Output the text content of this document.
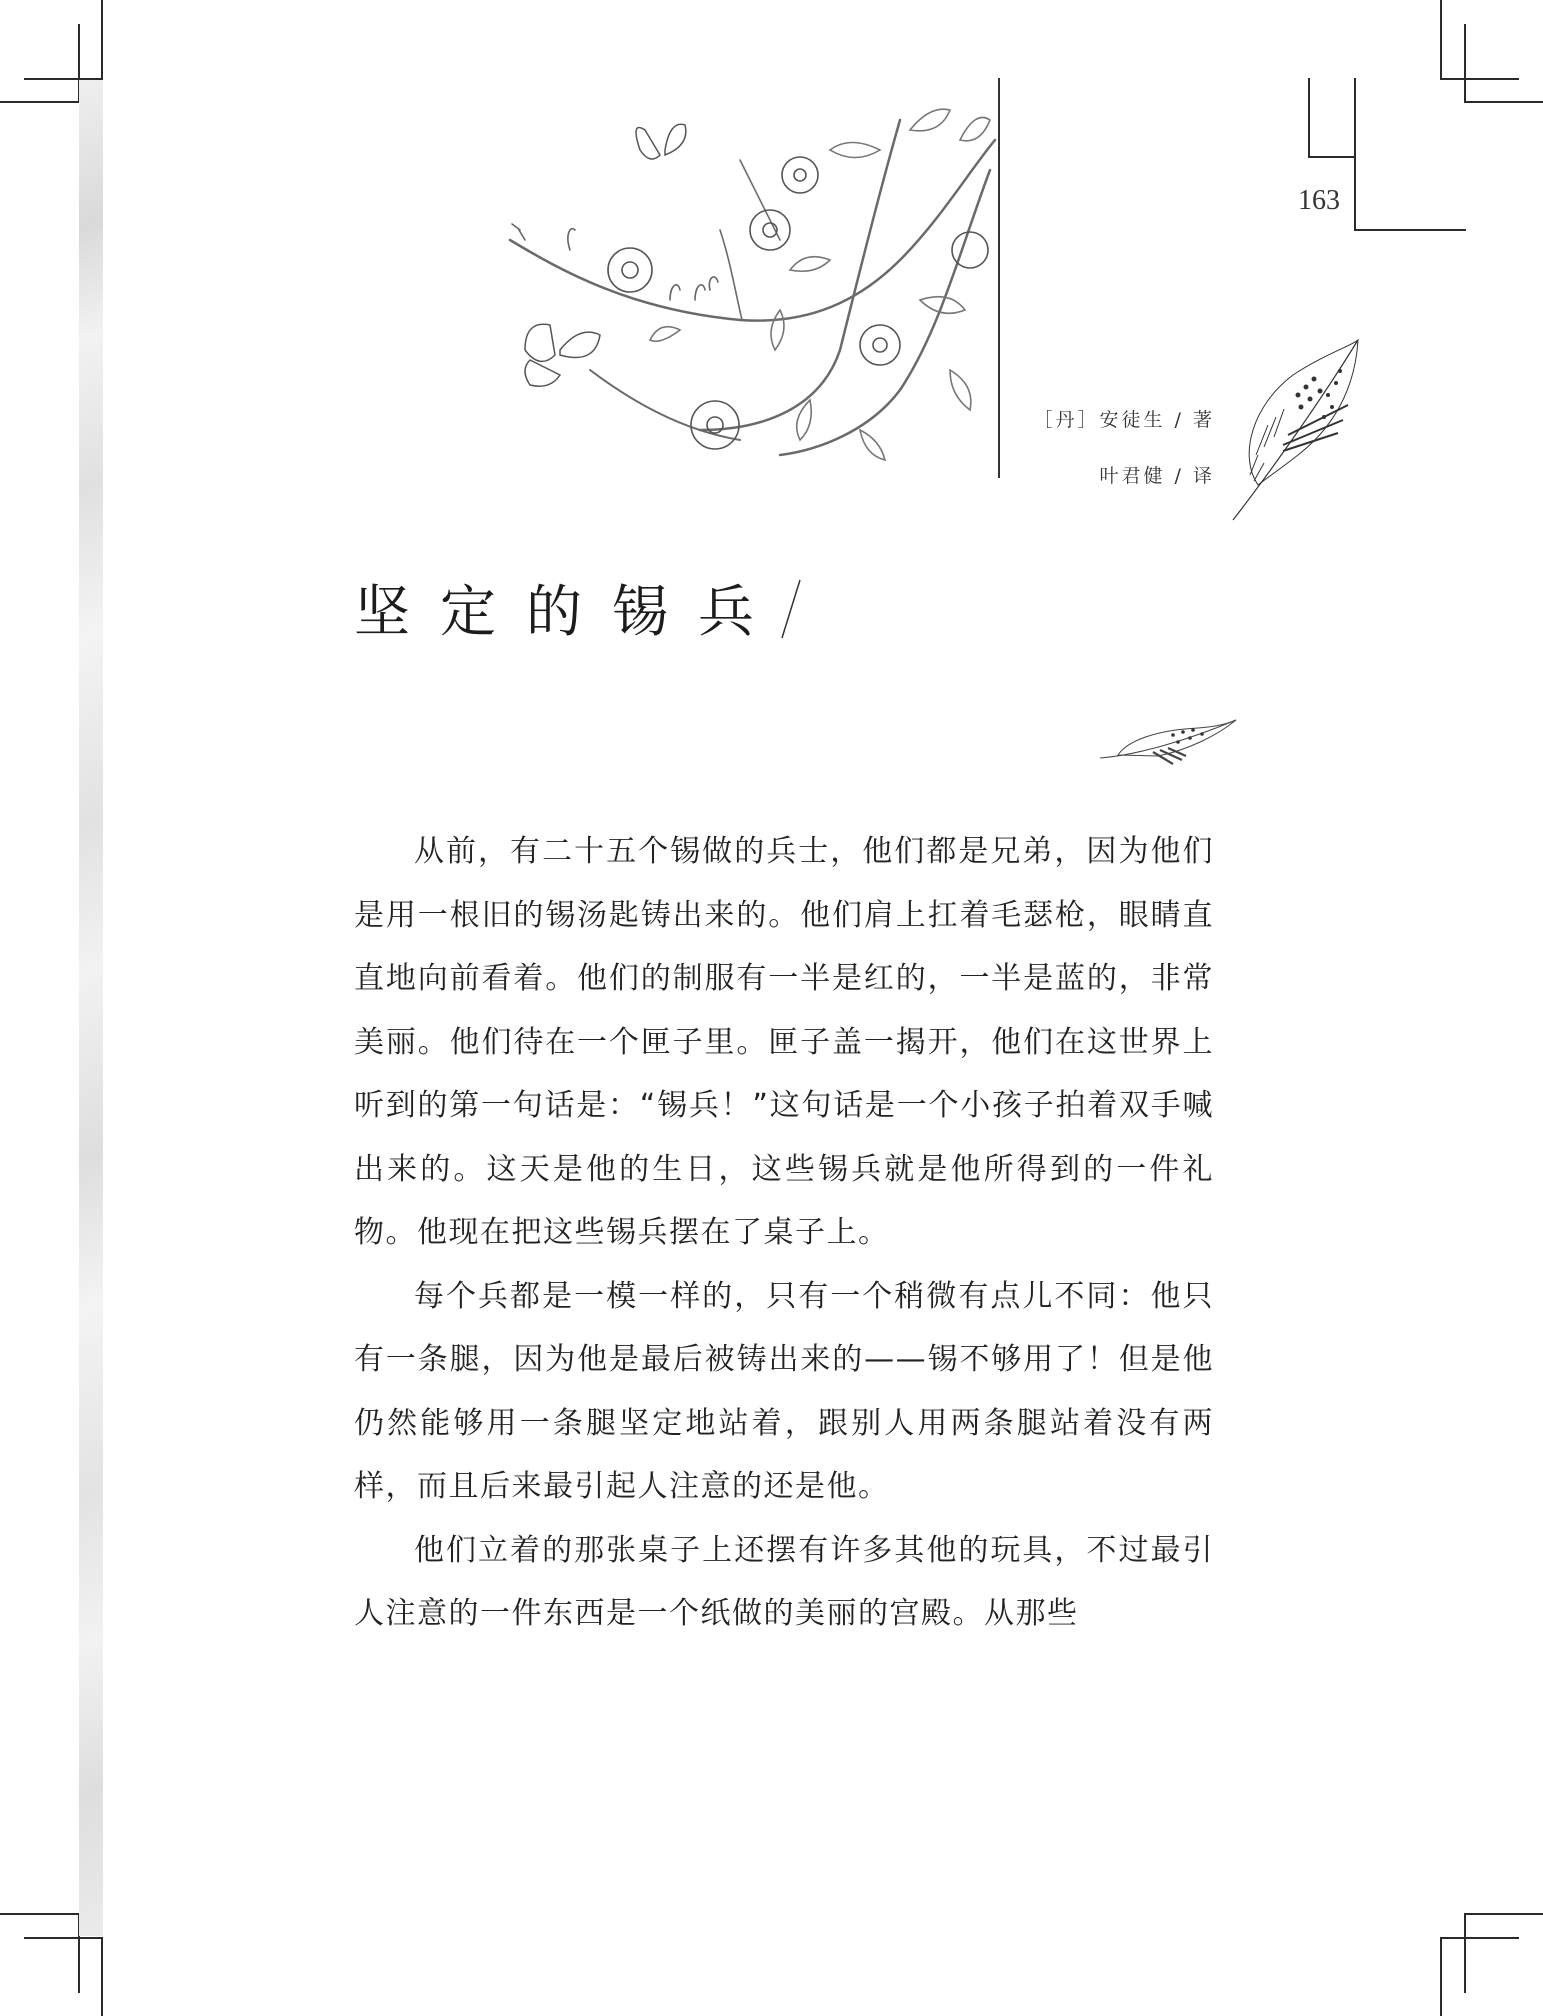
163
［丹］安徒生 / 著
叶君健 / 译
坚定的锡兵

从前，有二十五个锡做的兵士，他们都是兄弟，因为他们是用一根旧的锡汤匙铸出来的。他们肩上扛着毛瑟枪，眼睛直直地向前看着。他们的制服有一半是红的，一半是蓝的，非常美丽。他们待在一个匣子里。匣子盖一揭开，他们在这世界上听到的第一句话是：“锡兵！”这句话是一个小孩子拍着双手喊出来的。这天是他的生日，这些锡兵就是他所得到的一件礼物。他现在把这些锡兵摆在了桌子上。

每个兵都是一模一样的，只有一个稍微有点儿不同：他只有一条腿，因为他是最后被铸出来的——锡不够用了！但是他仍然能够用一条腿坚定地站着，跟别人用两条腿站着没有两样，而且后来最引起人注意的还是他。

他们立着的那张桌子上还摆有许多其他的玩具，不过最引人注意的一件东西是一个纸做的美丽的宫殿。从那些
